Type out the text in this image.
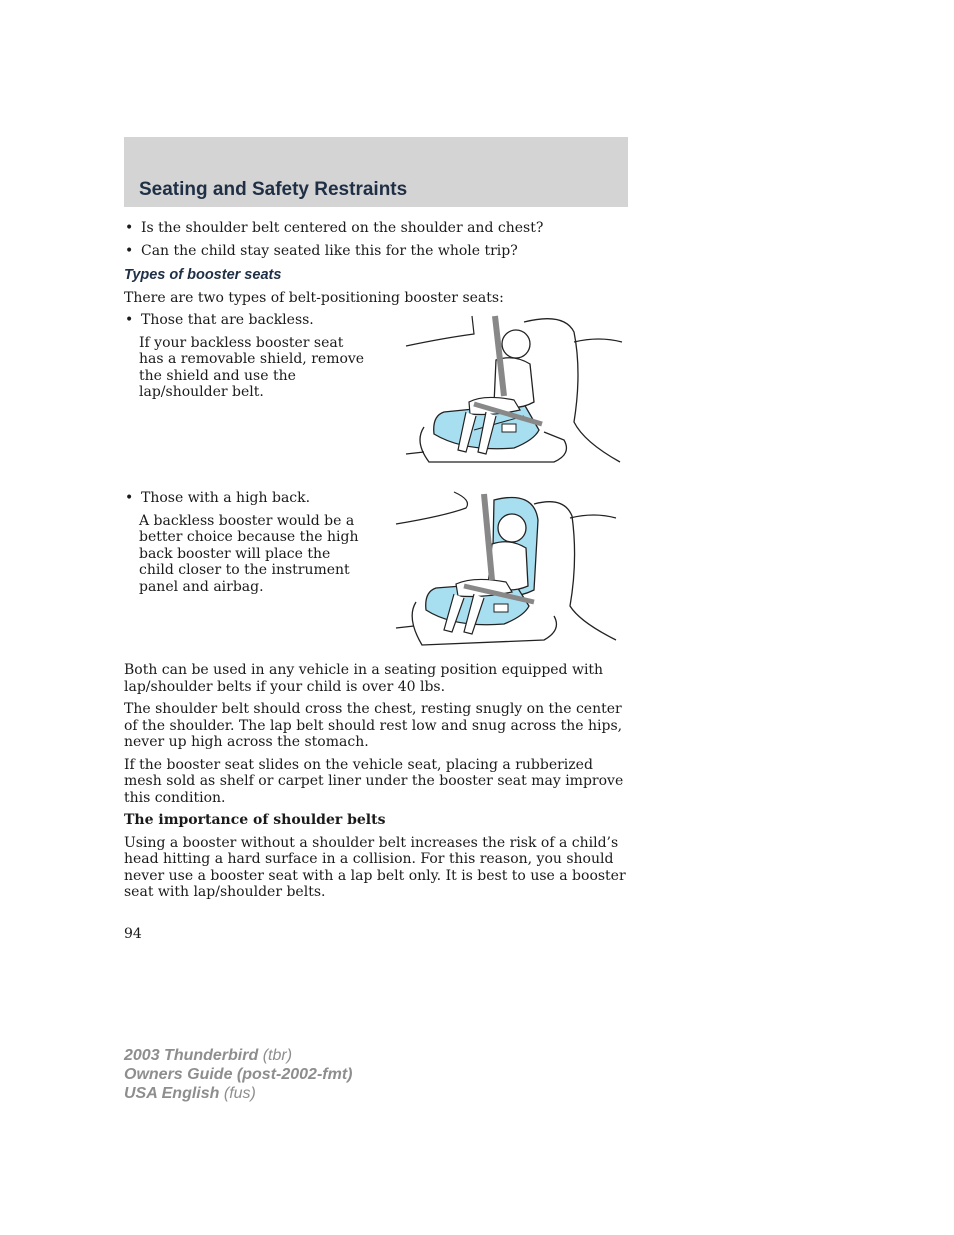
Seating and Safety Restraints
• Is the shoulder belt centered on the shoulder and chest?
• Can the child stay seated like this for the whole trip?
Types of booster seats

There are two types of belt-positioning booster seats:

• Those that are backless.

If your backless booster seat has a removable shield, remove the shield and use the lap/shoulder belt.

• Those with a high back.

A backless booster would be a better choice because the high back booster will place the child closer to the instrument panel and airbag.

Both can be used in any vehicle in a seating position equipped with lap/shoulder belts if your child is over 40 lbs.

The shoulder belt should cross the chest, resting snugly on the center of the shoulder. The lap belt should rest low and snug across the hips, never up high across the stomach.

If the booster seat slides on the vehicle seat, placing a rubberized mesh sold as shelf or carpet liner under the booster seat may improve this condition.

The importance of shoulder belts

Using a booster without a shoulder belt increases the risk of a child’s head hitting a hard surface in a collision. For this reason, you should never use a booster seat with a lap belt only. It is best to use a booster seat with lap/shoulder belts.

94
2003 Thunderbird (tbr)
Owners Guide (post-2002-fmt)
USA English (fus)
